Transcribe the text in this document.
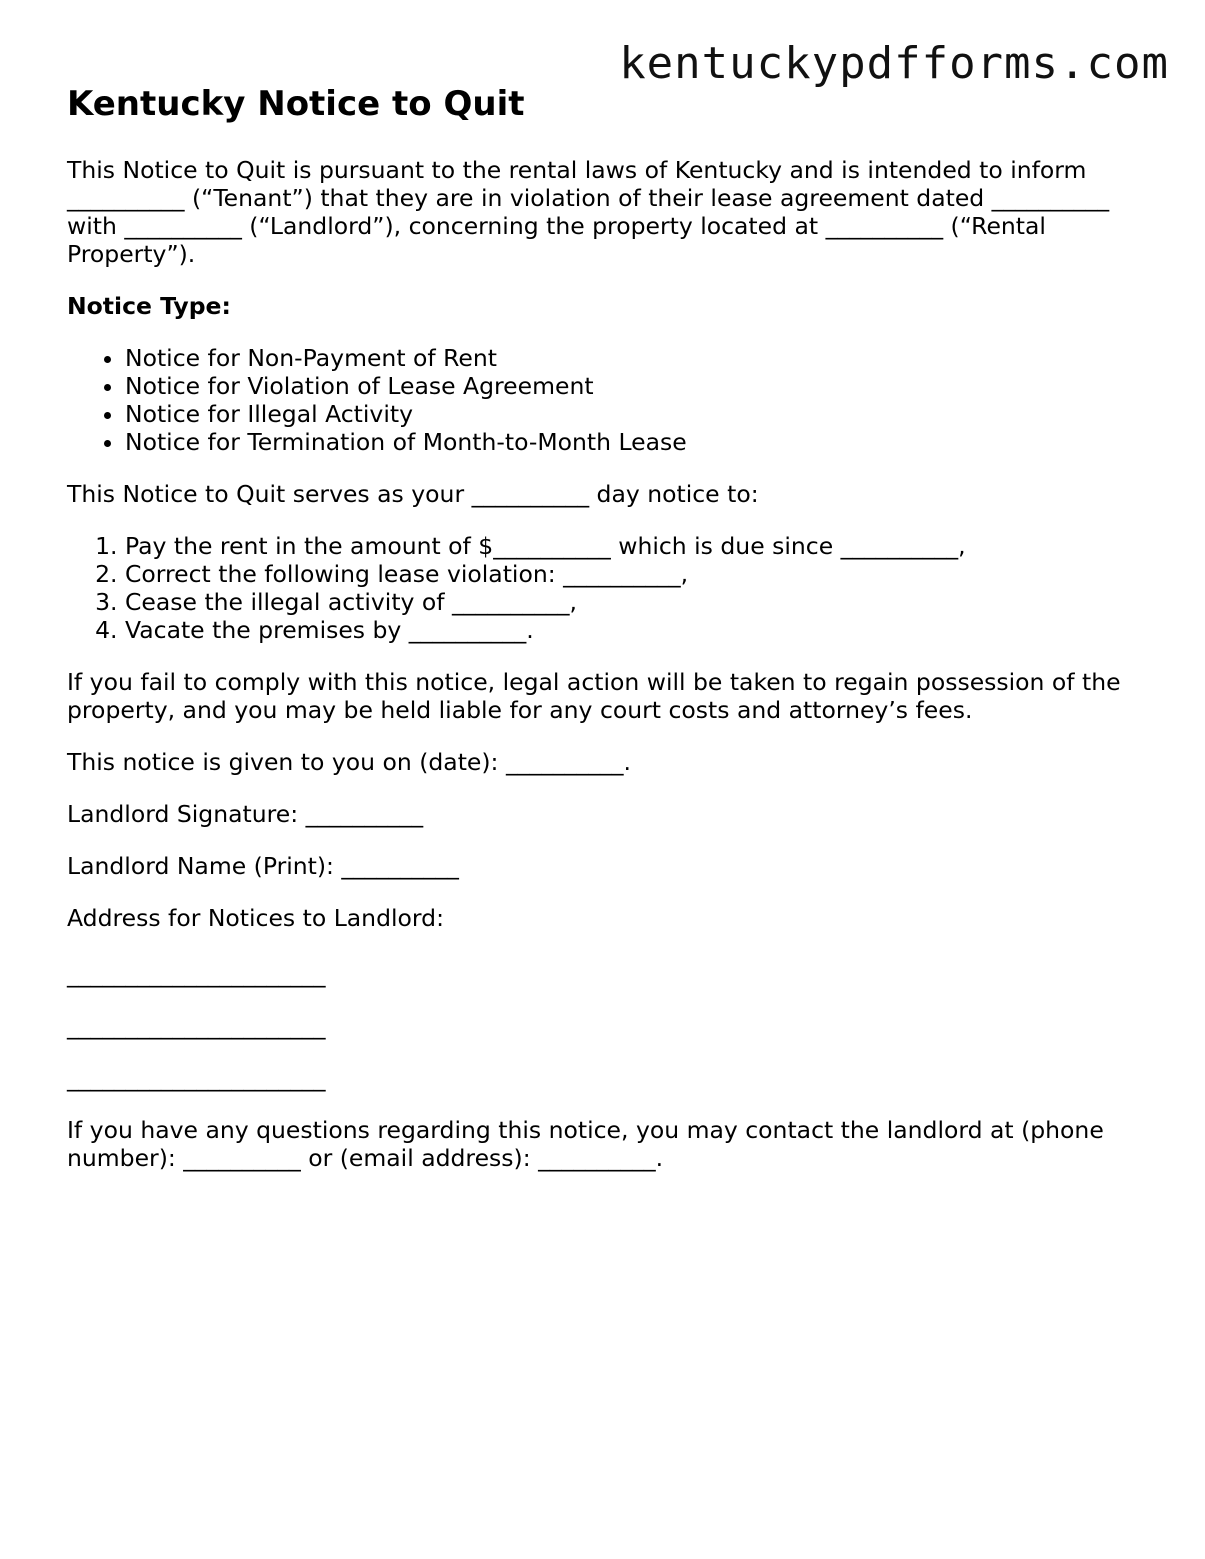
kentuckypdfforms.com
Kentucky Notice to Quit

This Notice to Quit is pursuant to the rental laws of Kentucky and is intended to inform __________ (“Tenant”) that they are in violation of their lease agreement dated __________ with __________ (“Landlord”), concerning the property located at __________ (“Rental Property”).

Notice Type:

• Notice for Non-Payment of Rent
• Notice for Violation of Lease Agreement
• Notice for Illegal Activity
• Notice for Termination of Month-to-Month Lease

This Notice to Quit serves as your __________ day notice to:

1. Pay the rent in the amount of $__________ which is due since __________,
2. Correct the following lease violation: __________,
3. Cease the illegal activity of __________,
4. Vacate the premises by __________.

If you fail to comply with this notice, legal action will be taken to regain possession of the property, and you may be held liable for any court costs and attorney’s fees.

This notice is given to you on (date): __________.

Landlord Signature: __________

Landlord Name (Print): __________

Address for Notices to Landlord:

______________________
______________________
______________________

If you have any questions regarding this notice, you may contact the landlord at (phone number): __________ or (email address): __________.
